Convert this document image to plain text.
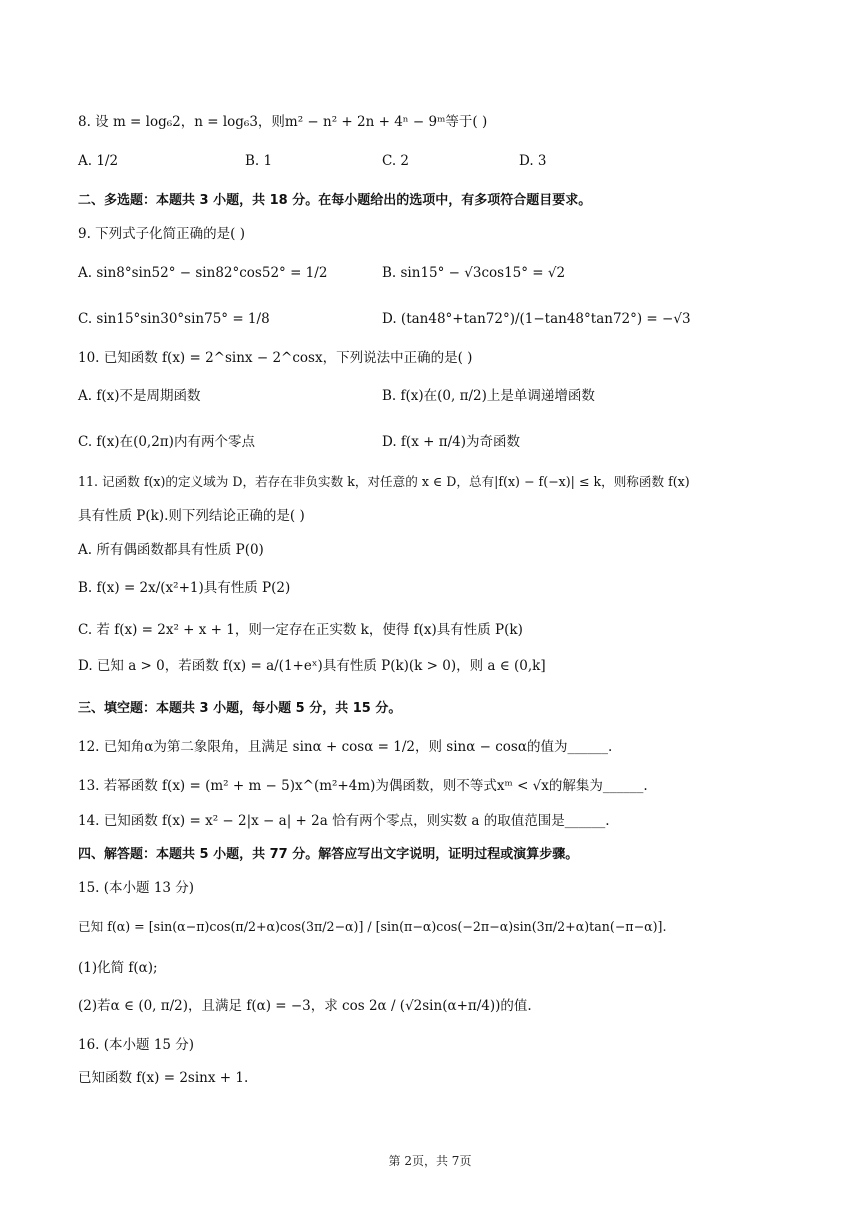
8. 设 m = log₆2，n = log₆3，则m² − n² + 2n + 4ⁿ − 9ᵐ等于( )
A. 1/2	B. 1	C. 2	D. 3
二、多选题：本题共 3 小题，共 18 分。在每小题给出的选项中，有多项符合题目要求。
9. 下列式子化简正确的是( )
A. sin8°sin52° − sin82°cos52° = 1/2	B. sin15° − √3cos15° = √2
C. sin15°sin30°sin75° = 1/8	D. (tan48°+tan72°)/(1−tan48°tan72°) = −√3
10. 已知函数 f(x) = 2^sinx − 2^cosx，下列说法中正确的是( )
A. f(x)不是周期函数	B. f(x)在(0, π/2)上是单调递增函数
C. f(x)在(0,2π)内有两个零点	D. f(x + π/4)为奇函数
11. 记函数 f(x)的定义域为 D，若存在非负实数 k，对任意的 x ∈ D，总有|f(x) − f(−x)| ≤ k，则称函数 f(x)
具有性质 P(k).则下列结论正确的是( )
A. 所有偶函数都具有性质 P(0)
B. f(x) = 2x/(x²+1)具有性质 P(2)
C. 若 f(x) = 2x² + x + 1，则一定存在正实数 k，使得 f(x)具有性质 P(k)
D. 已知 a > 0，若函数 f(x) = a/(1+eˣ)具有性质 P(k)(k > 0)，则 a ∈ (0,k]
三、填空题：本题共 3 小题，每小题 5 分，共 15 分。
12. 已知角α为第二象限角，且满足 sinα + cosα = 1/2，则 sinα − cosα的值为______.
13. 若幂函数 f(x) = (m² + m − 5)x^(m²+4m)为偶函数，则不等式xᵐ < √x的解集为______.
14. 已知函数 f(x) = x² − 2|x − a| + 2a 恰有两个零点，则实数 a 的取值范围是______.
四、解答题：本题共 5 小题，共 77 分。解答应写出文字说明，证明过程或演算步骤。
15. (本小题 13 分)
已知 f(α) = [sin(α−π)cos(π/2+α)cos(3π/2−α)] / [sin(π−α)cos(−2π−α)sin(3π/2+α)tan(−π−α)].
(1)化简 f(α);
(2)若α ∈ (0, π/2)，且满足 f(α) = −3，求 cos 2α / (√2sin(α+π/4))的值.
16. (本小题 15 分)
已知函数 f(x) = 2sinx + 1.
第 2页，共 7页
